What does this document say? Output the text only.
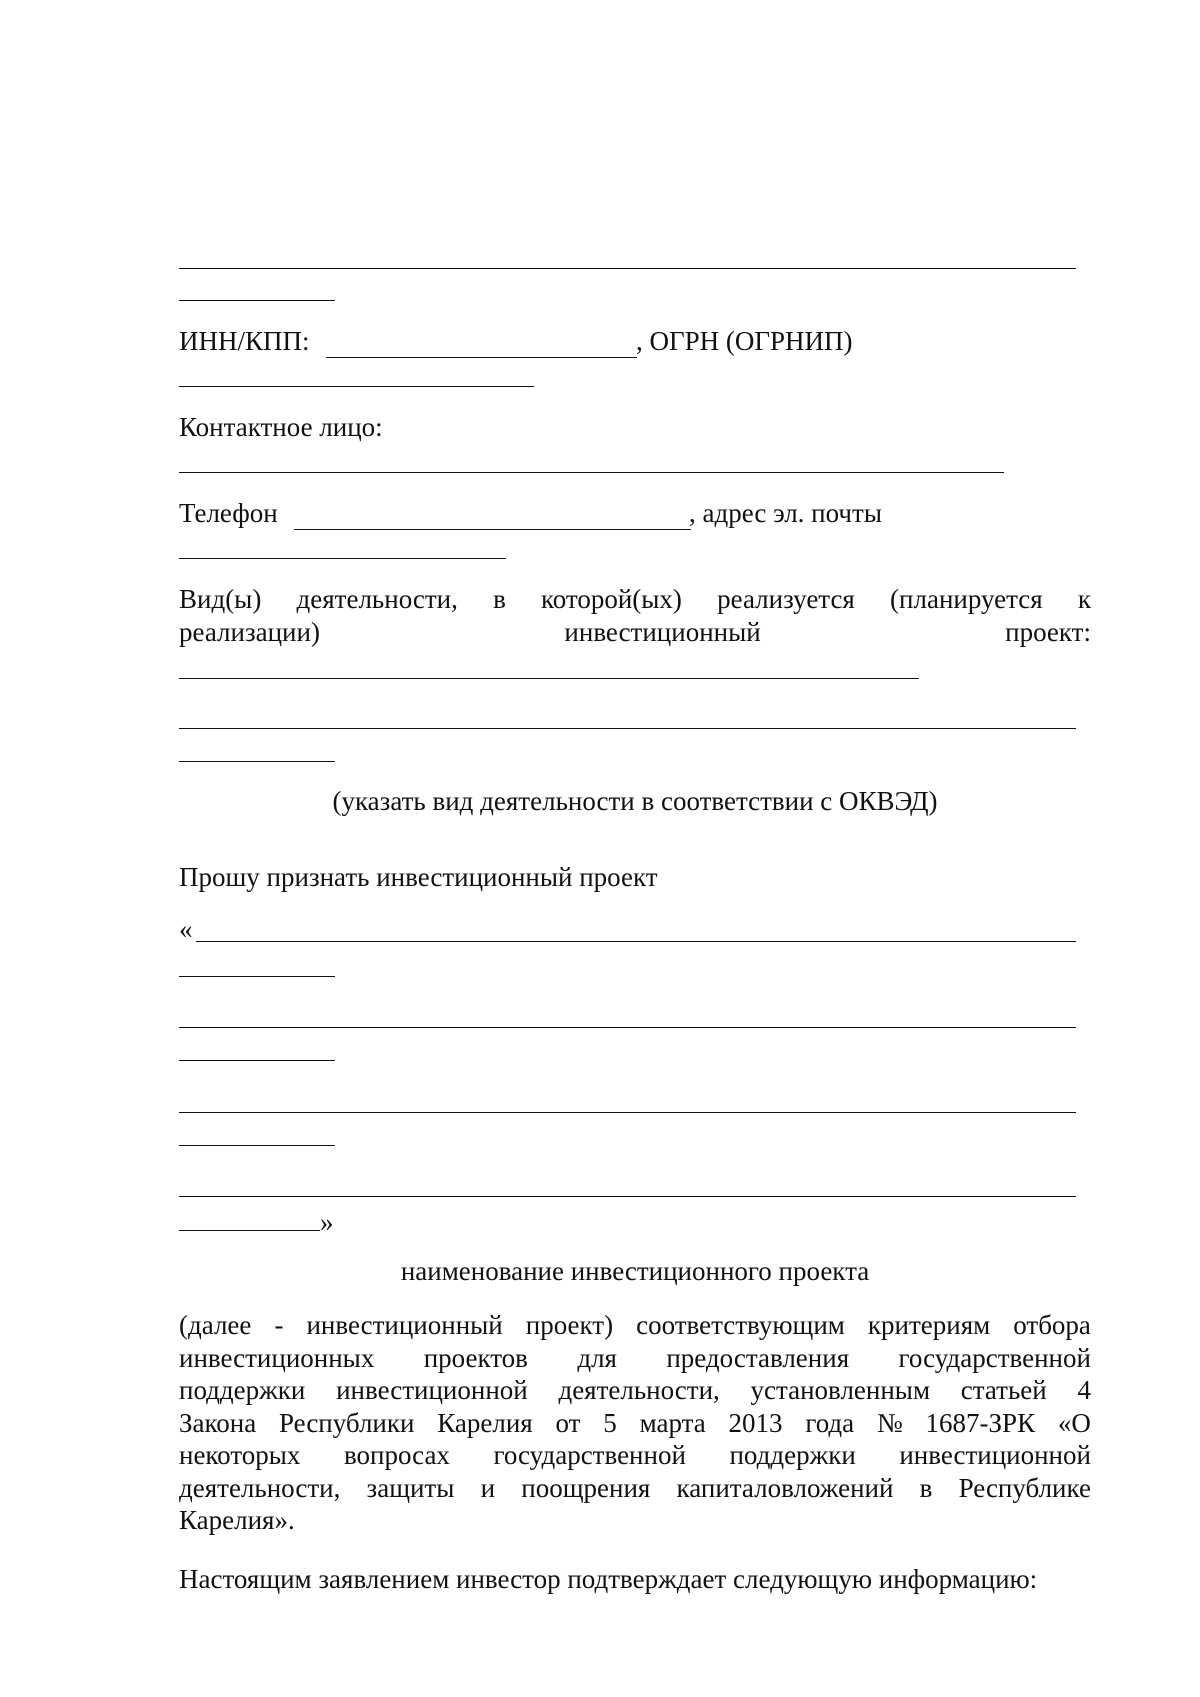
ИНН/КПП:	, ОГРН (ОГРНИП)
Контактное лицо:
Телефон	, адрес эл. почты
Вид(ы) деятельности, в которой(ых) реализуется (планируется к
реализации)	инвестиционный	проект:
(указать вид деятельности в соответствии с ОКВЭД)
Прошу признать инвестиционный проект
«
»
наименование инвестиционного проекта
(далее - инвестиционный проект) соответствующим критериям отбора
инвестиционных проектов для предоставления государственной
поддержки инвестиционной деятельности, установленным статьей 4
Закона Республики Карелия от 5 марта 2013 года № 1687-ЗРК «О
некоторых вопросах государственной поддержки инвестиционной
деятельности, защиты и поощрения капиталовложений в Республике
Карелия».
Настоящим заявлением инвестор подтверждает следующую информацию:
